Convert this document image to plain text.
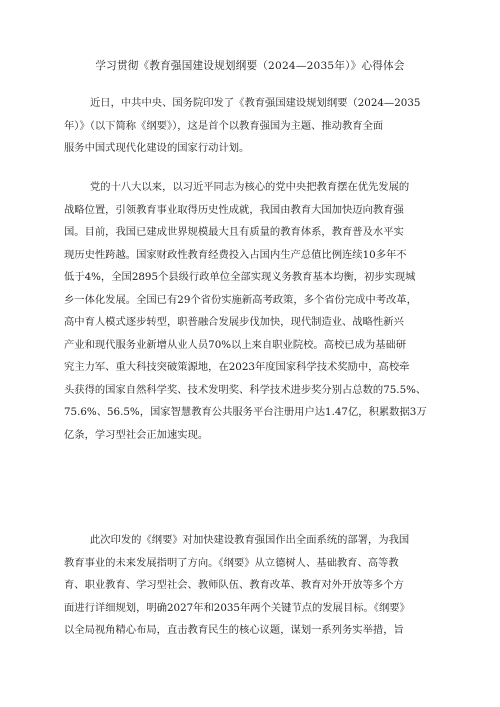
学习贯彻《教育强国建设规划纲要（2024—2035年）》心得体会
近日，中共中央、国务院印发了《教育强国建设规划纲要（2024—2035
年）》（以下简称《纲要》），这是首个以教育强国为主题、推动教育全面
服务中国式现代化建设的国家行动计划。
党的十八大以来，以习近平同志为核心的党中央把教育摆在优先发展的
战略位置，引领教育事业取得历史性成就，我国由教育大国加快迈向教育强
国。目前，我国已建成世界规模最大且有质量的教育体系，教育普及水平实
现历史性跨越。国家财政性教育经费投入占国内生产总值比例连续10多年不
低于4%，全国2895个县级行政单位全部实现义务教育基本均衡，初步实现城
乡一体化发展。全国已有29个省份实施新高考政策，多个省份完成中考改革，
高中育人模式逐步转型，职普融合发展步伐加快，现代制造业、战略性新兴
产业和现代服务业新增从业人员70%以上来自职业院校。高校已成为基础研
究主力军、重大科技突破策源地，在2023年度国家科学技术奖励中，高校牵
头获得的国家自然科学奖、技术发明奖、科学技术进步奖分别占总数的75.5%、
75.6%、56.5%，国家智慧教育公共服务平台注册用户达1.47亿，积累数据3万
亿条，学习型社会正加速实现。
此次印发的《纲要》对加快建设教育强国作出全面系统的部署，为我国
教育事业的未来发展指明了方向。《纲要》从立德树人、基础教育、高等教
育、职业教育、学习型社会、教师队伍、教育改革、教育对外开放等多个方
面进行详细规划，明确2027年和2035年两个关键节点的发展目标。《纲要》
以全局视角精心布局，直击教育民生的核心议题，谋划一系列务实举措，旨
